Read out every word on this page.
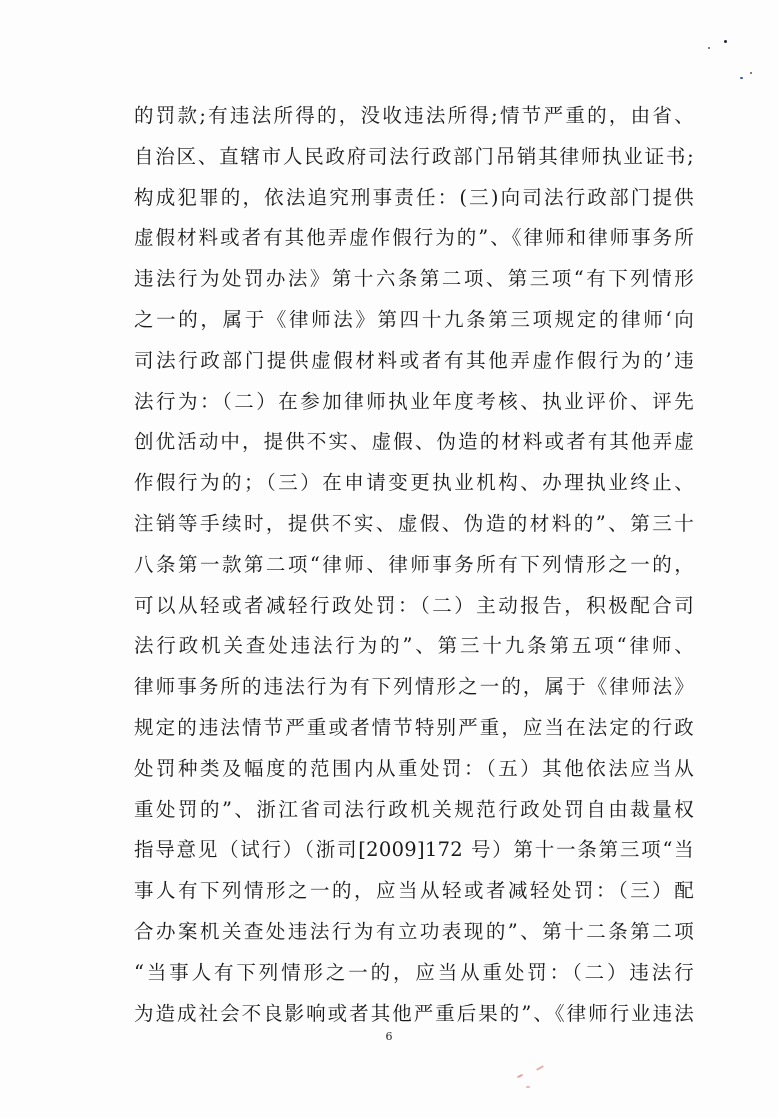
的罚款;有违法所得的，没收违法所得;情节严重的，由省、
自治区、直辖市人民政府司法行政部门吊销其律师执业证书;
构成犯罪的，依法追究刑事责任：(三)向司法行政部门提供
虚假材料或者有其他弄虚作假行为的”、《律师和律师事务所
违法行为处罚办法》第十六条第二项、第三项“有下列情形
之一的，属于《律师法》第四十九条第三项规定的律师‘向
司法行政部门提供虚假材料或者有其他弄虚作假行为的’违
法行为：（二）在参加律师执业年度考核、执业评价、评先
创优活动中，提供不实、虚假、伪造的材料或者有其他弄虚
作假行为的；（三）在申请变更执业机构、办理执业终止、
注销等手续时，提供不实、虚假、伪造的材料的”、第三十
八条第一款第二项“律师、律师事务所有下列情形之一的，
可以从轻或者减轻行政处罚：（二）主动报告，积极配合司
法行政机关查处违法行为的”、第三十九条第五项“律师、
律师事务所的违法行为有下列情形之一的，属于《律师法》
规定的违法情节严重或者情节特别严重，应当在法定的行政
处罚种类及幅度的范围内从重处罚：（五）其他依法应当从
重处罚的”、浙江省司法行政机关规范行政处罚自由裁量权
指导意见（试行）（浙司[2009]172 号）第十一条第三项“当
事人有下列情形之一的，应当从轻或者减轻处罚：（三）配
合办案机关查处违法行为有立功表现的”、第十二条第二项
“当事人有下列情形之一的，应当从重处罚：（二）违法行
为造成社会不良影响或者其他严重后果的”、《律师行业违法
6
